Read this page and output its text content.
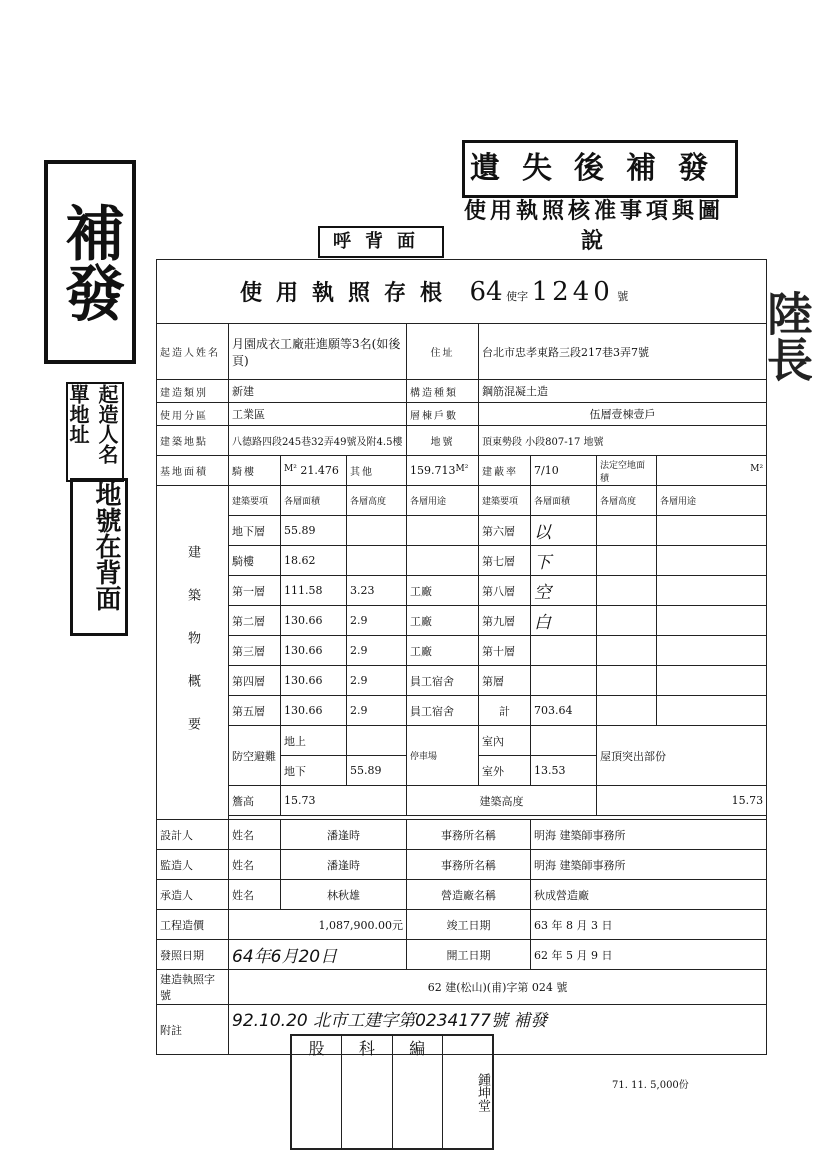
補發
起造人名單地址
地號在背面
遺失後補發
使用執照核准事項與圖說
呼背面
陸長
使用執照存根 64 使字 1240 號								
起造人姓名	月園成衣工廠莊進願等3名(如後頁)			住址	台北市忠孝東路三段217巷3弄7號			
建造類別	新建			構造種類	鋼筋混凝土造			
使用分區	工業區			層棟戶數	伍層壹棟壹戶			
建築地點	八德路四段245巷32弄49號及附4.5樓			地號	頂東勢段 小段807-17 地號			
基地面積	騎樓	$^{M^2}$ 21.476	其他	$159.713^{M^2}$	建蔽率	7/10	法定空地面積	$^{M^2}$
建築物概要	建築要項	各層面積	各層高度	各層用途	建築要項	各層面積	各層高度	各層用途
	地下層	55.89			第六層	以		
	騎樓	18.62			第七層	下		
	第一層	111.58	3.23	工廠	第八層	空		
	第二層	130.66	2.9	工廠	第九層	白		
	第三層	130.66	2.9	工廠	第十層			
	第四層	130.66	2.9	員工宿舍	第層			
	第五層	130.66	2.9	員工宿舍	計	703.64		
	防空避難	地上		停車場	室內		屋頂突出部份	
		地下	55.89		室外	13.53		
	簷高	15.73		建築高度			15.73	

設計人	姓名	潘逢時		事務所名稱		明海 建築師事務所		
監造人	姓名	潘逢時		事務所名稱		明海 建築師事務所		
承造人	姓名	林秋雄		營造廠名稱		秋成營造廠		
工程造價	1,087,900.00元			竣工日期		63 年 8 月 3 日		
發照日期	64年6月20日			開工日期		62 年 5 月 9 日		
建造執照字號	62 建(松山)(甫)字第 024 號							
附註	92.10.20 北市工建字第0234177號 補發							
71. 11. 5,000份
股	科	編
鍾坤堂
